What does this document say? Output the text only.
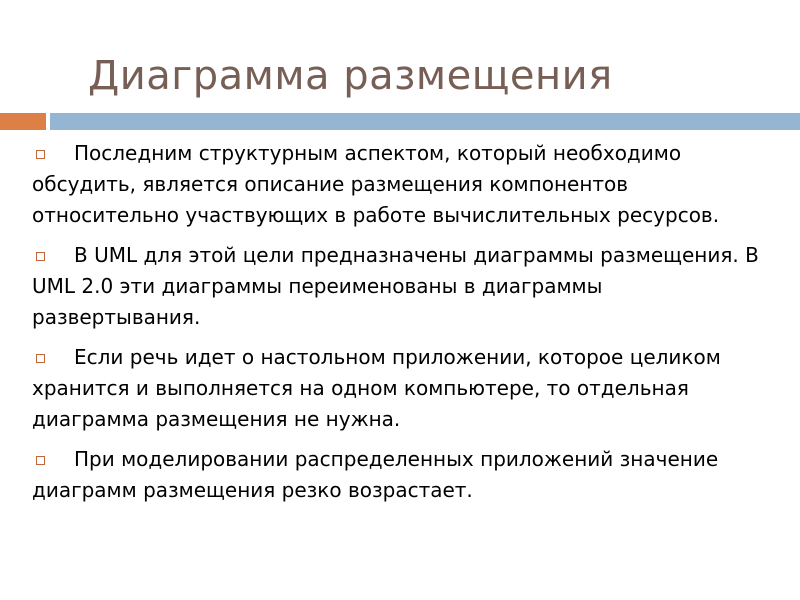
Диаграмма размещения

Последним структурным аспектом, который необходимо обсудить, является описание размещения компонентов относительно участвующих в работе вычислительных ресурсов.

В UML для этой цели предназначены диаграммы размещения. В UML 2.0 эти диаграммы переименованы в диаграммы развертывания.

Если речь идет о настольном приложении, которое целиком хранится и выполняется на одном компьютере, то отдельная диаграмма размещения не нужна.

При моделировании распределенных приложений значение диаграмм размещения резко возрастает.
